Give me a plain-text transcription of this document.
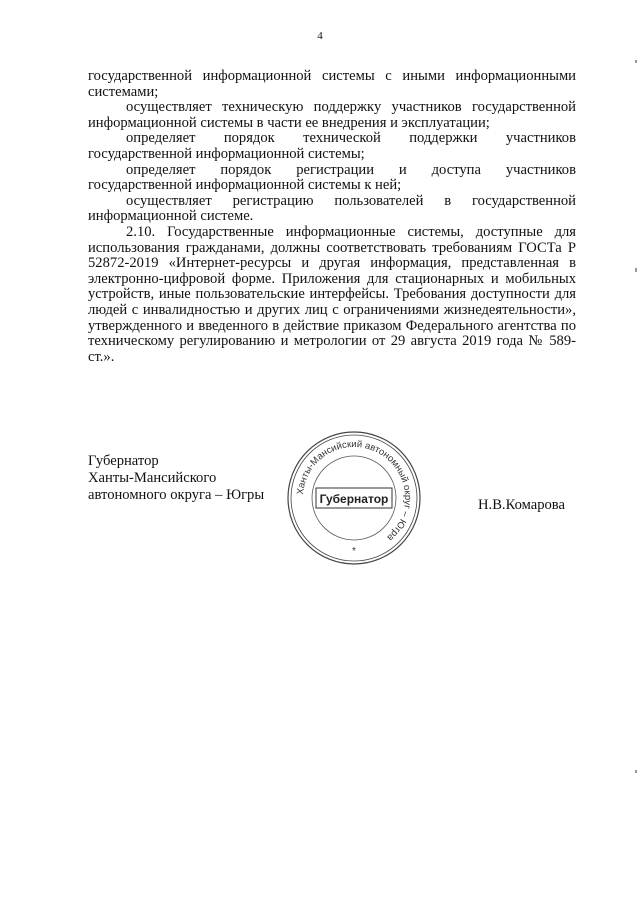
4

государственной информационной системы с иными информационными системами;

осуществляет техническую поддержку участников государственной информационной системы в части ее внедрения и эксплуатации;

определяет порядок технической поддержки участников государственной информационной системы;

определяет порядок регистрации и доступа участников государственной информационной системы к ней;

осуществляет регистрацию пользователей в государственной информационной системе.

2.10. Государственные информационные системы, доступные для использования гражданами, должны соответствовать требованиям ГОСТа Р 52872-2019 «Интернет-ресурсы и другая информация, представленная в электронно-цифровой форме. Приложения для стационарных и мобильных устройств, иные пользовательские интерфейсы. Требования доступности для людей с инвалидностью и других лиц с ограничениями жизнедеятельности», утвержденного и введенного в действие приказом Федерального агентства по техническому регулированию и метрологии от 29 августа 2019 года № 589-ст.».

Губернатор
Ханты-Мансийского
автономного округа – Югры	Ханты-Мансийский автономный округ – Югра
Губернатор
*
Н.В.Комарова
